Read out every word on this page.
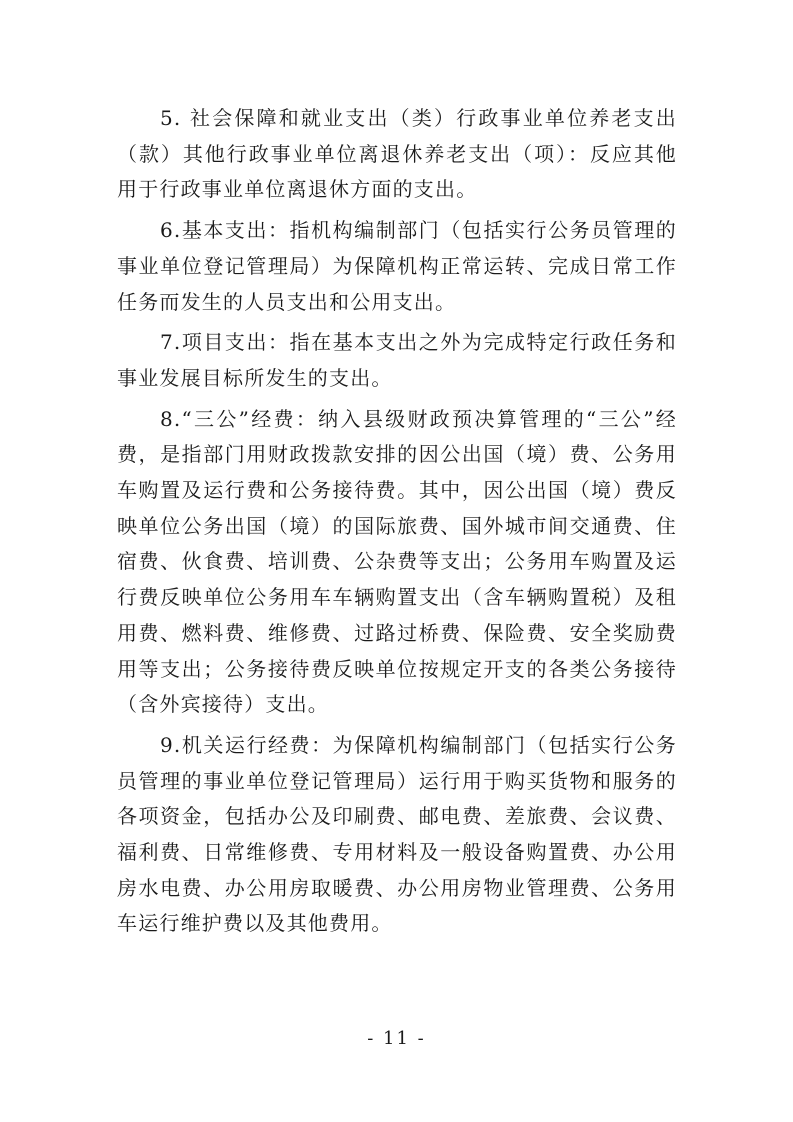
5. 社会保障和就业支出（类）行政事业单位养老支出（款）其他行政事业单位离退休养老支出（项）：反应其他用于行政事业单位离退休方面的支出。

6.基本支出：指机构编制部门（包括实行公务员管理的事业单位登记管理局）为保障机构正常运转、完成日常工作任务而发生的人员支出和公用支出。

7.项目支出：指在基本支出之外为完成特定行政任务和事业发展目标所发生的支出。

8.“三公”经费：纳入县级财政预决算管理的“三公”经费，是指部门用财政拨款安排的因公出国（境）费、公务用车购置及运行费和公务接待费。其中，因公出国（境）费反映单位公务出国（境）的国际旅费、国外城市间交通费、住宿费、伙食费、培训费、公杂费等支出；公务用车购置及运行费反映单位公务用车车辆购置支出（含车辆购置税）及租用费、燃料费、维修费、过路过桥费、保险费、安全奖励费用等支出；公务接待费反映单位按规定开支的各类公务接待（含外宾接待）支出。

9.机关运行经费：为保障机构编制部门（包括实行公务员管理的事业单位登记管理局）运行用于购买货物和服务的各项资金，包括办公及印刷费、邮电费、差旅费、会议费、福利费、日常维修费、专用材料及一般设备购置费、办公用房水电费、办公用房取暖费、办公用房物业管理费、公务用车运行维护费以及其他费用。

- 11 -
